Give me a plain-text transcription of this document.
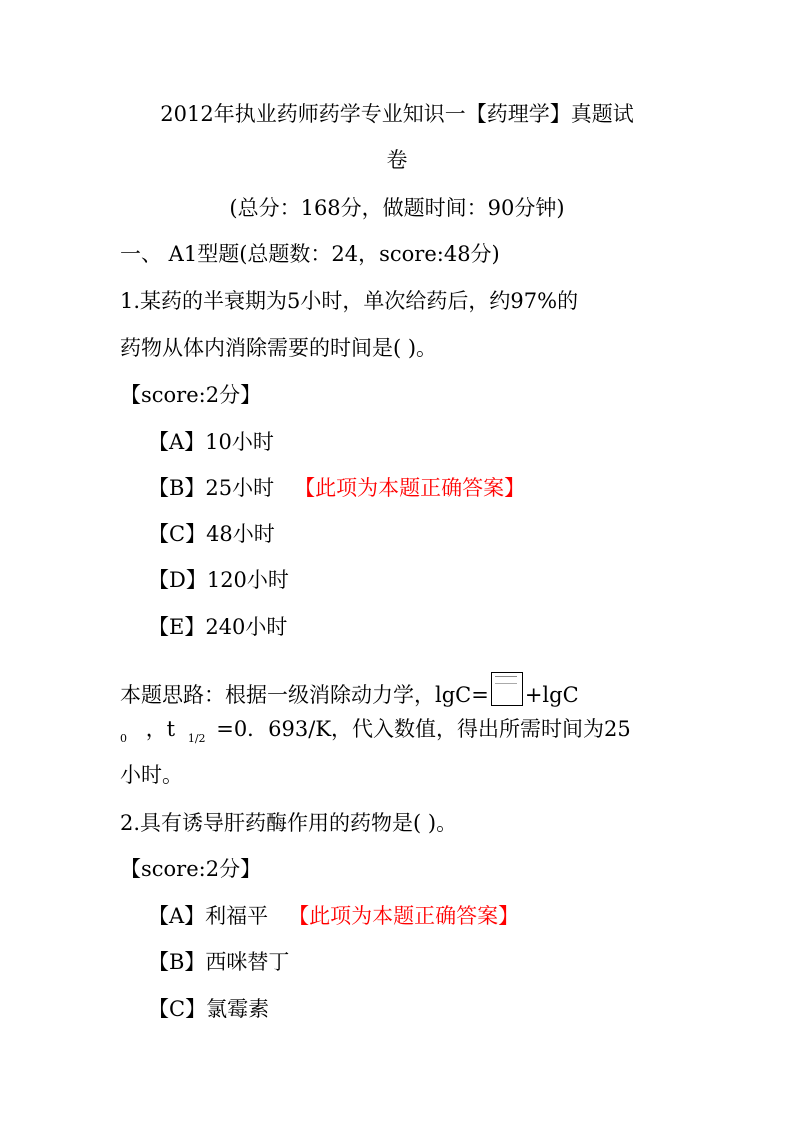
2012年执业药师药学专业知识一【药理学】真题试
卷
(总分：168分，做题时间：90分钟)
一、 A1型题(总题数：24，score:48分)
1.某药的半衰期为5小时，单次给药后，约97%的
药物从体内消除需要的时间是( )。
【score:2分】
【A】10小时
【B】25小时 【此项为本题正确答案】
【C】48小时
【D】120小时
【E】240小时
本题思路：根据一级消除动力学，lgC= +lgC
$_0$ ，t $_{1/2}$ =0．693/K，代入数值，得出所需时间为25
小时。
2.具有诱导肝药酶作用的药物是( )。
【score:2分】
【A】利福平 【此项为本题正确答案】
【B】西咪替丁
【C】氯霉素
